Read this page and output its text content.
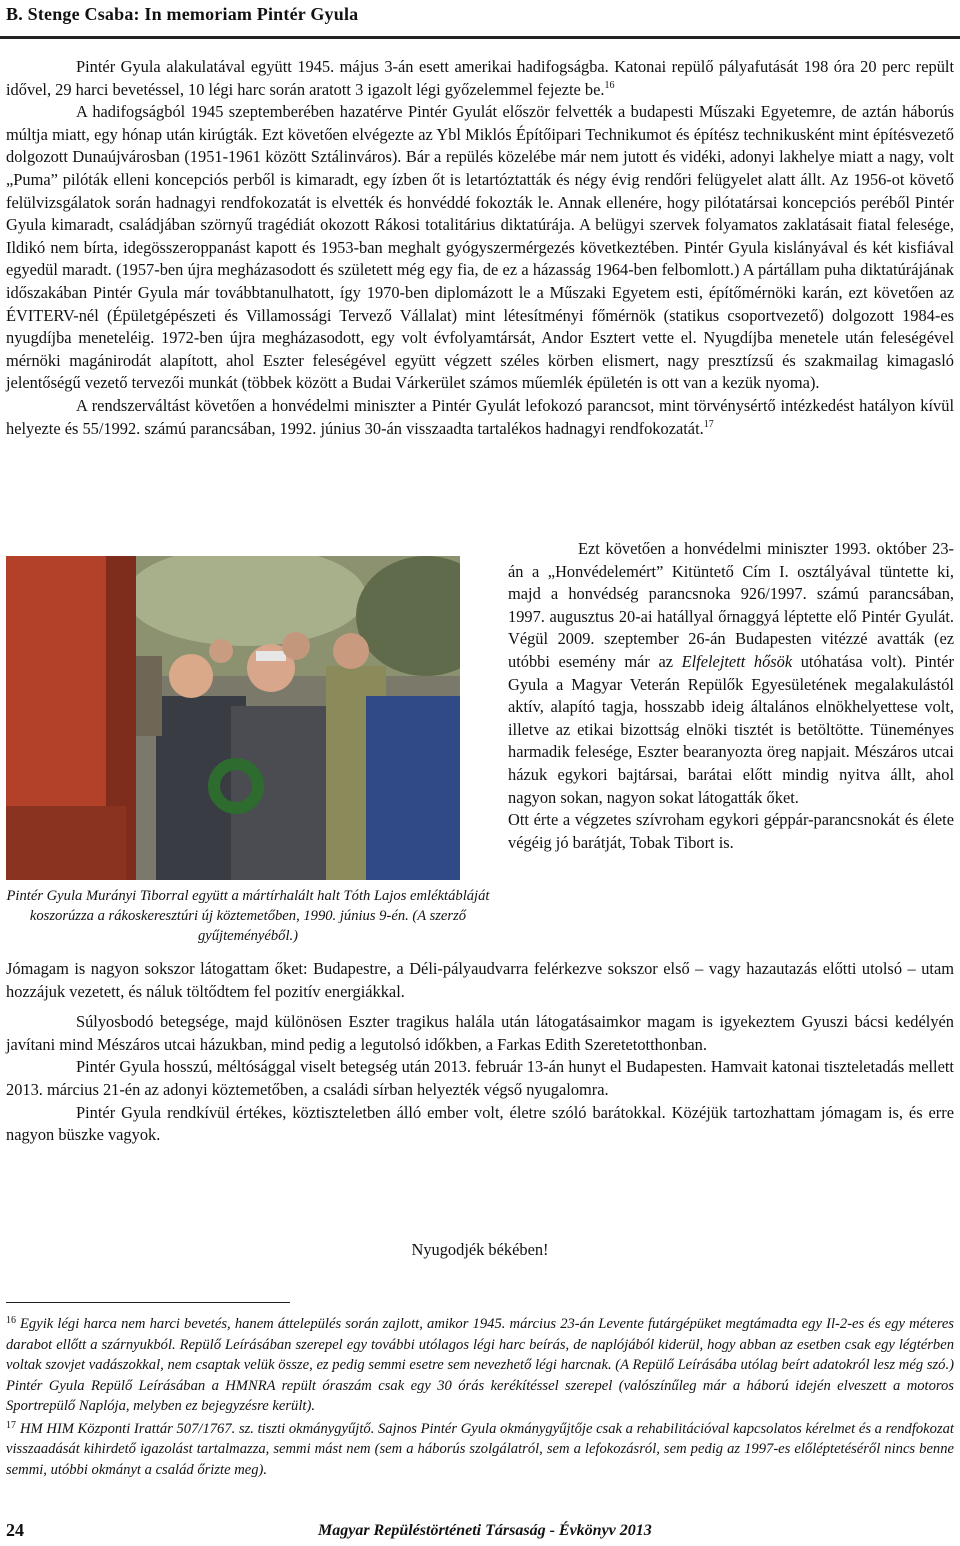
B. Stenge Csaba: In memoriam Pintér Gyula

Pintér Gyula alakulatával együtt 1945. május 3-án esett amerikai hadifogságba. Katonai repülő pályafutását 198 óra 20 perc repült idővel, 29 harci bevetéssel, 10 légi harc során aratott 3 igazolt légi győzelemmel fejezte be.$^{16}$

A hadifogságból 1945 szeptemberében hazatérve Pintér Gyulát először felvették a budapesti Műszaki Egyetemre, de aztán háborús múltja miatt, egy hónap után kirúgták. Ezt követően elvégezte az Ybl Miklós Építőipari Technikumot és építész technikusként mint építésvezető dolgozott Dunaújvárosban (1951-1961 között Sztálinváros). Bár a repülés közelébe már nem jutott és vidéki, adonyi lakhelye miatt a nagy, volt „Puma” pilóták elleni koncepciós perből is kimaradt, egy ízben őt is letartóztatták és négy évig rendőri felügyelet alatt állt. Az 1956-ot követő felülvizsgálatok során hadnagyi rendfokozatát is elvették és honvéddé fokozták le. Annak ellenére, hogy pilótatársai koncepciós peréből Pintér Gyula kimaradt, családjában szörnyű tragédiát okozott Rákosi totalitárius diktatúrája. A belügyi szervek folyamatos zaklatásait fiatal felesége, Ildikó nem bírta, idegösszeroppanást kapott és 1953-ban meghalt gyógyszermérgezés következtében. Pintér Gyula kislányával és két kisfiával egyedül maradt. (1957-ben újra megházasodott és született még egy fia, de ez a házasság 1964-ben felbomlott.) A pártállam puha diktatúrájának időszakában Pintér Gyula már továbbtanulhatott, így 1970-ben diplomázott le a Műszaki Egyetem esti, építőmérnöki karán, ezt követően az ÉVITERV-nél (Épületgépészeti és Villamossági Tervező Vállalat) mint létesítményi főmérnök (statikus csoportvezető) dolgozott 1984-es nyugdíjba meneteléig. 1972-ben újra megházasodott, egy volt évfolyamtársát, Andor Esztert vette el. Nyugdíjba menetele után feleségével mérnöki magánirodát alapított, ahol Eszter feleségével együtt végzett széles körben elismert, nagy presztízsű és szakmailag kimagasló jelentőségű vezető tervezői munkát (többek között a Budai Várkerület számos műemlék épületén is ott van a kezük nyoma).

A rendszerváltást követően a honvédelmi miniszter a Pintér Gyulát lefokozó parancsot, mint törvénysértő intézkedést hatályon kívül helyezte és 55/1992. számú parancsában, 1992. június 30-án visszaadta tartalékos hadnagyi rendfokozatát.$^{17}$

Pintér Gyula Murányi Tiborral együtt a mártírhalált halt Tóth Lajos emléktábláját koszorúzza a rákoskeresztúri új köztemetőben, 1990. június 9-én. (A szerző gyűjteményéből.)

Ezt követően a honvédelmi miniszter 1993. október 23-án a „Honvédelemért” Kitüntető Cím I. osztályával tüntette ki, majd a honvédség parancsnoka 926/1997. számú parancsában, 1997. augusztus 20-ai hatállyal őrnaggyá léptette elő Pintér Gyulát. Végül 2009. szeptember 26-án Budapesten vitézzé avatták (ez utóbbi esemény már az Elfelejtett hősök utóhatása volt). Pintér Gyula a Magyar Veterán Repülők Egyesületének megalakulástól aktív, alapító tagja, hosszabb ideig általános elnökhelyettese volt, illetve az etikai bizottság elnöki tisztét is betöltötte. Tüneményes harmadik felesége, Eszter bearanyozta öreg napjait. Mészáros utcai házuk egykori bajtársai, barátai előtt mindig nyitva állt, ahol nagyon sokan, nagyon sokat látogatták őket.

Ott érte a végzetes szívroham egykori géppár-parancsnokát és élete végéig jó barátját, Tobak Tibort is.

Jómagam is nagyon sokszor látogattam őket: Budapestre, a Déli-pályaudvarra felérkezve sokszor első – vagy hazautazás előtti utolsó – utam hozzájuk vezetett, és náluk töltődtem fel pozitív energiákkal.

Súlyosbodó betegsége, majd különösen Eszter tragikus halála után látogatásaimkor magam is igyekeztem Gyuszi bácsi kedélyén javítani mind Mészáros utcai házukban, mind pedig a legutolsó időkben, a Farkas Edith Szeretetotthonban.

Pintér Gyula hosszú, méltósággal viselt betegség után 2013. február 13-án hunyt el Budapesten. Hamvait katonai tiszteletadás mellett 2013. március 21-én az adonyi köztemetőben, a családi sírban helyezték végső nyugalomra.

Pintér Gyula rendkívül értékes, köztiszteletben álló ember volt, életre szóló barátokkal. Közéjük tartozhattam jómagam is, és erre nagyon büszke vagyok.

Nyugodjék békében!

$^{16}$ Egyik légi harca nem harci bevetés, hanem áttelepülés során zajlott, amikor 1945. március 23-án Levente futárgépüket megtámadta egy Il-2-es és egy méteres darabot ellőtt a szárnyukból. Repülő Leírásában szerepel egy további utólagos légi harc beírás, de naplójából kiderül, hogy abban az esetben csak egy légtérben voltak szovjet vadászokkal, nem csaptak velük össze, ez pedig semmi esetre sem nevezhető légi harcnak. (A Repülő Leírásába utólag beírt adatokról lesz még szó.) Pintér Gyula Repülő Leírásában a HMNRA repült óraszám csak egy 30 órás kerékítéssel szerepel (valószínűleg már a háború idején elveszett a motoros Sportrepülő Naplója, melyben ez bejegyzésre került).

$^{17}$ HM HIM Központi Irattár 507/1767. sz. tiszti okmánygyűjtő. Sajnos Pintér Gyula okmánygyűjtője csak a rehabilitációval kapcsolatos kérelmet és a rendfokozat visszaadását kihirdető igazolást tartalmazza, semmi mást nem (sem a háborús szolgálatról, sem a lefokozásról, sem pedig az 1997-es előléptetéséről nincs benne semmi, utóbbi okmányt a család őrizte meg).

24	Magyar Repüléstörténeti Társaság - Évkönyv 2013
